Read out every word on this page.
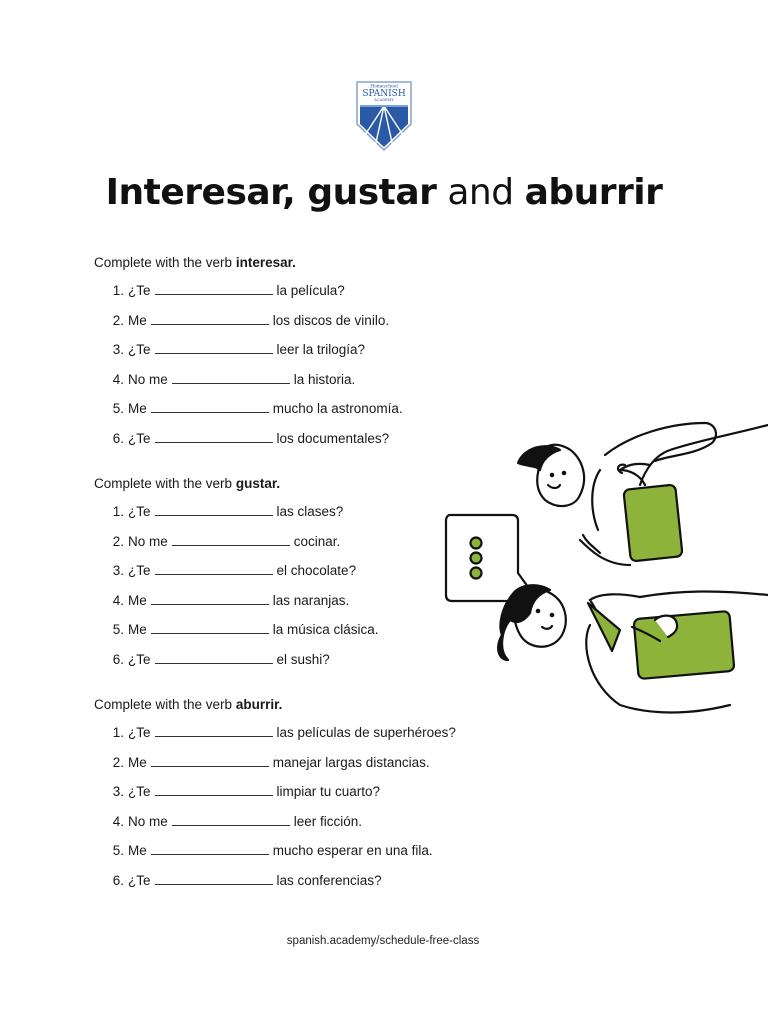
Homeschool
SPANISH
ACADEMY
Interesar, gustar and aburrir

Complete with the verb interesar.

1. ¿Te	la película?
2. Me	los discos de vinilo.
3. ¿Te	leer la trilogía?
4. No me	la historia.
5. Me	mucho la astronomía.
6. ¿Te	los documentales?

Complete with the verb gustar.

1. ¿Te	las clases?
2. No me	cocinar.
3. ¿Te	el chocolate?
4. Me	las naranjas.
5. Me	la música clásica.
6. ¿Te	el sushi?

Complete with the verb aburrir.

1. ¿Te	las películas de superhéroes?
2. Me	manejar largas distancias.
3. ¿Te	limpiar tu cuarto?
4. No me	leer ficción.
5. Me	mucho esperar en una fila.
6. ¿Te	las conferencias?
spanish.academy/schedule-free-class
